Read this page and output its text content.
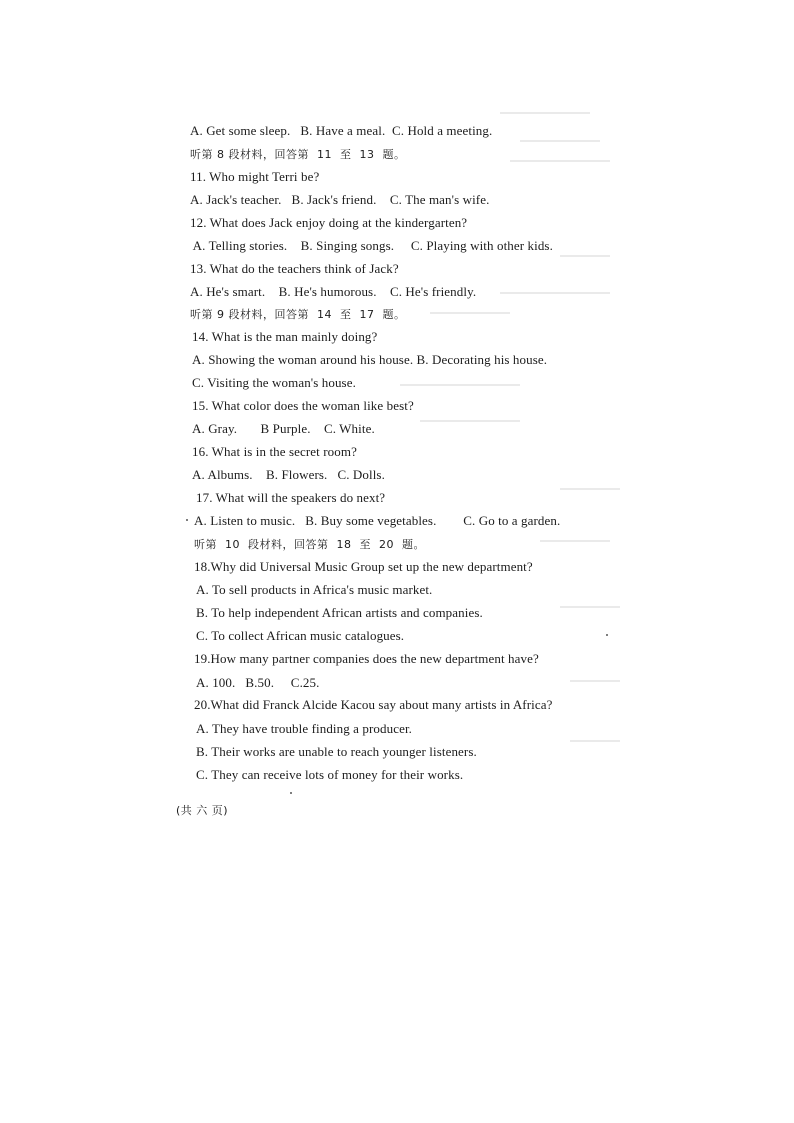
A. Get some sleep.   B. Have a meal.  C. Hold a meeting.
听第 8 段材料，回答第  11  至  13  题。
11. Who might Terri be?
A. Jack's teacher.   B. Jack's friend.    C. The man's wife.
12. What does Jack enjoy doing at the kindergarten?
A. Telling stories.    B. Singing songs.     C. Playing with other kids.
13. What do the teachers think of Jack?
A. He's smart.    B. He's humorous.    C. He's friendly.
听第 9 段材料，回答第  14  至  17  题。
14. What is the man mainly doing?
A. Showing the woman around his house. B. Decorating his house.
C. Visiting the woman's house.
15. What color does the woman like best?
A. Gray.       B Purple.    C. White.
16. What is in the secret room?
A. Albums.    B. Flowers.   C. Dolls.
17. What will the speakers do next?
A. Listen to music.   B. Buy some vegetables.        C. Go to a garden.
听第  10  段材料，回答第  18  至  20  题。
18.Why did Universal Music Group set up the new department?
A. To sell products in Africa's music market.
B. To help independent African artists and companies.
C. To collect African music catalogues.
19.How many partner companies does the new department have?
A. 100.   B.50.     C.25.
20.What did Franck Alcide Kacou say about many artists in Africa?
A. They have trouble finding a producer.
B. Their works are unable to reach younger listeners.
C. They can receive lots of money for their works.
(共 六 页)
